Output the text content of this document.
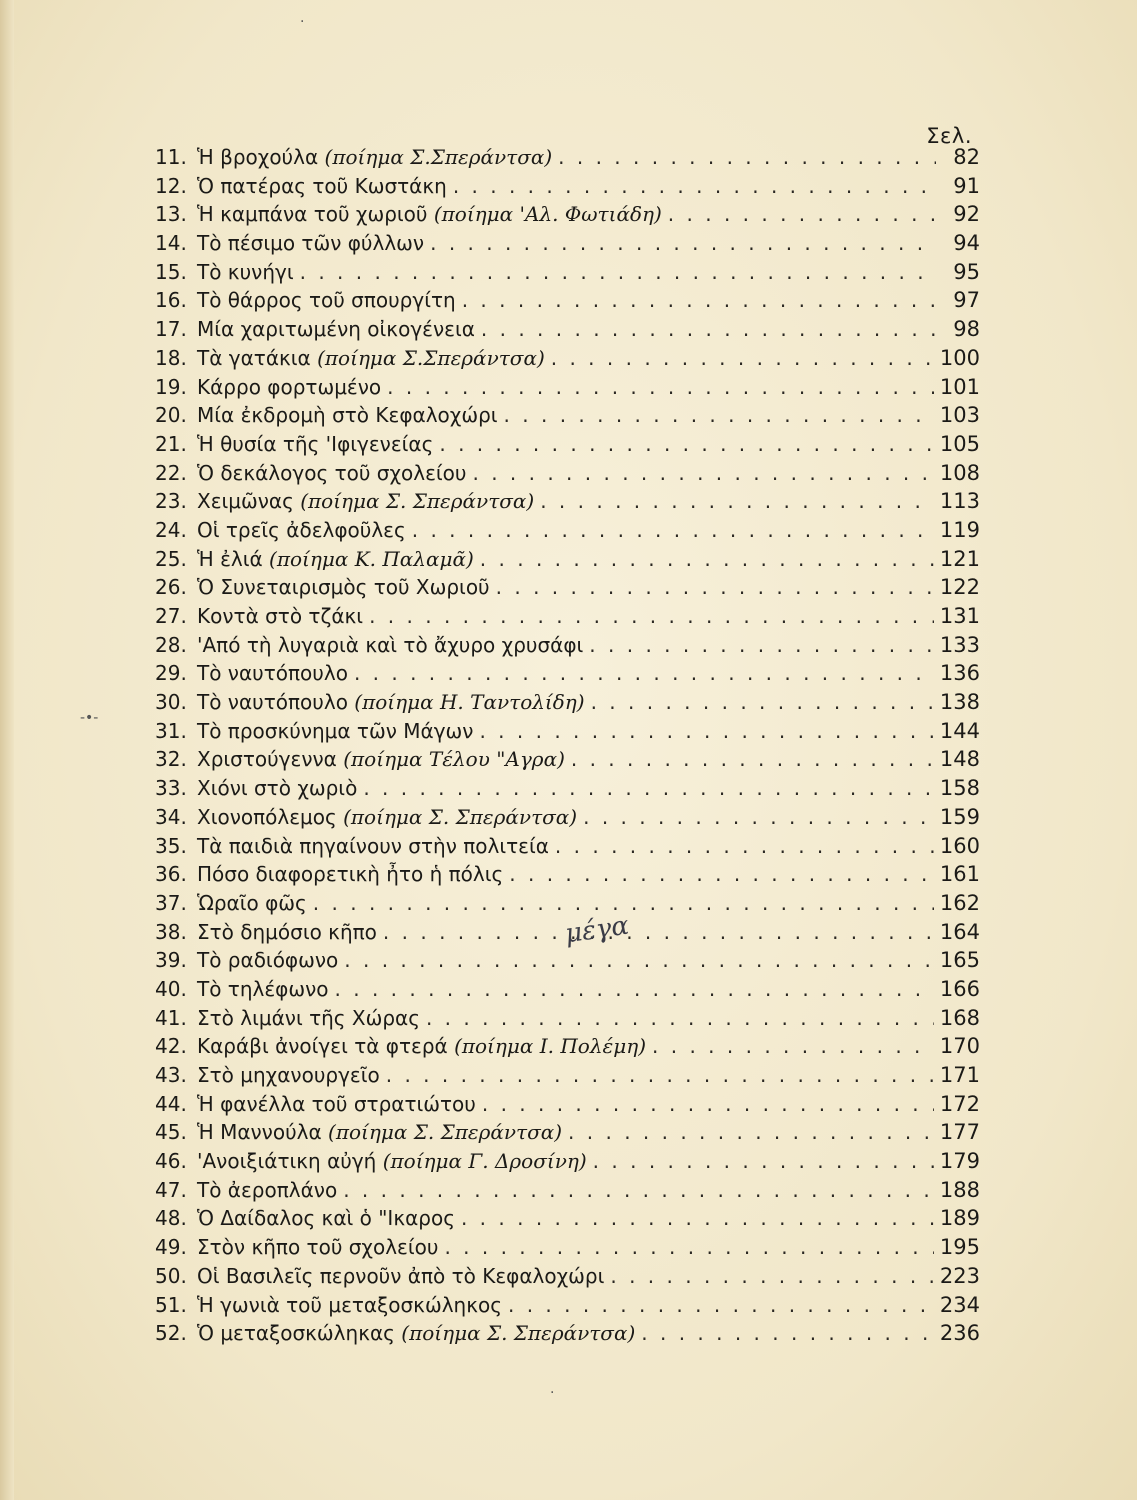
Σελ.
11. Ἡ βροχούλα (ποίημα Σ.Σπεράντσα) . . .	82
12. Ὁ πατέρας τοῦ Κωστάκη . . .	91
13. Ἡ καμπάνα τοῦ χωριοῦ (ποίημα 'Αλ. Φωτιάδη) . . .	92
14. Τὸ πέσιμο τῶν φύλλων . . .	94
15. Τὸ κυνήγι . . .	95
16. Τὸ θάρρος τοῦ σπουργίτη . . .	97
17. Μία χαριτωμένη οἰκογένεια . . .	98
18. Τὰ γατάκια (ποίημα Σ.Σπεράντσα) . . .	100
19. Κάρρο φορτωμένο . . .	101
20. Μία ἐκδρομὴ στὸ Κεφαλοχώρι . . .	103
21. Ἡ θυσία τῆς 'Ιφιγενείας . . .	105
22. Ὁ δεκάλογος τοῦ σχολείου . . .	108
23. Χειμῶνας (ποίημα Σ. Σπεράντσα) . . .	113
24. Οἱ τρεῖς ἀδελφοῦλες . . .	119
25. Ἡ ἐλιά (ποίημα Κ. Παλαμᾶ) . . .	121
26. Ὁ Συνεταιρισμὸς τοῦ Χωριοῦ . . .	122
27. Κοντὰ στὸ τζάκι . . .	131
28. 'Από τὴ λυγαριὰ καὶ τὸ ἄχυρο χρυσάφι . . .	133
29. Τὸ ναυτόπουλο . . .	136
30. Τὸ ναυτόπουλο (ποίημα Η. Ταντολίδη) . . .	138
31. Τὸ προσκύνημα τῶν Μάγων . . .	144
32. Χριστούγεννα (ποίημα Τέλου "Αγρα) . . .	148
33. Χιόνι στὸ χωριὸ . . .	158
34. Χιονοπόλεμος (ποίημα Σ. Σπεράντσα) . . .	159
35. Τὰ παιδιὰ πηγαίνουν στὴν πολιτεία . . .	160
36. Πόσο διαφορετικὴ ἦτο ἡ πόλις . . .	161
37. Ὡραῖο φῶς . . .	162
38. Στὸ δημόσιο κῆπο . . .	164
39. Τὸ ραδιόφωνο . . .	165
40. Τὸ τηλέφωνο . . .	166
41. Στὸ λιμάνι τῆς Χώρας . . .	168
42. Καράβι ἀνοίγει τὰ φτερά (ποίημα Ι. Πολέμη) . . .	170
43. Στὸ μηχανουργεῖο . . .	171
44. Ἡ φανέλλα τοῦ στρατιώτου . . .	172
45. Ἡ Μαννούλα (ποίημα Σ. Σπεράντσα) . . .	177
46. 'Ανοιξιάτικη αὐγή (ποίημα Γ. Δροσίνη) . . .	179
47. Τὸ ἀεροπλάνο . . .	188
48. Ὁ Δαίδαλος καὶ ὁ "Ικαρος . . .	189
49. Στὸν κῆπο τοῦ σχολείου . . .	195
50. Οἱ Βασιλεῖς περνοῦν ἀπὸ τὸ Κεφαλοχώρι . . .	223
51. Ἡ γωνιὰ τοῦ μεταξοσκώληκος . . .	234
52. Ὁ μεταξοσκώληκας (ποίημα Σ. Σπεράντσα) . . .	236
μέγα
·
-•-
·
